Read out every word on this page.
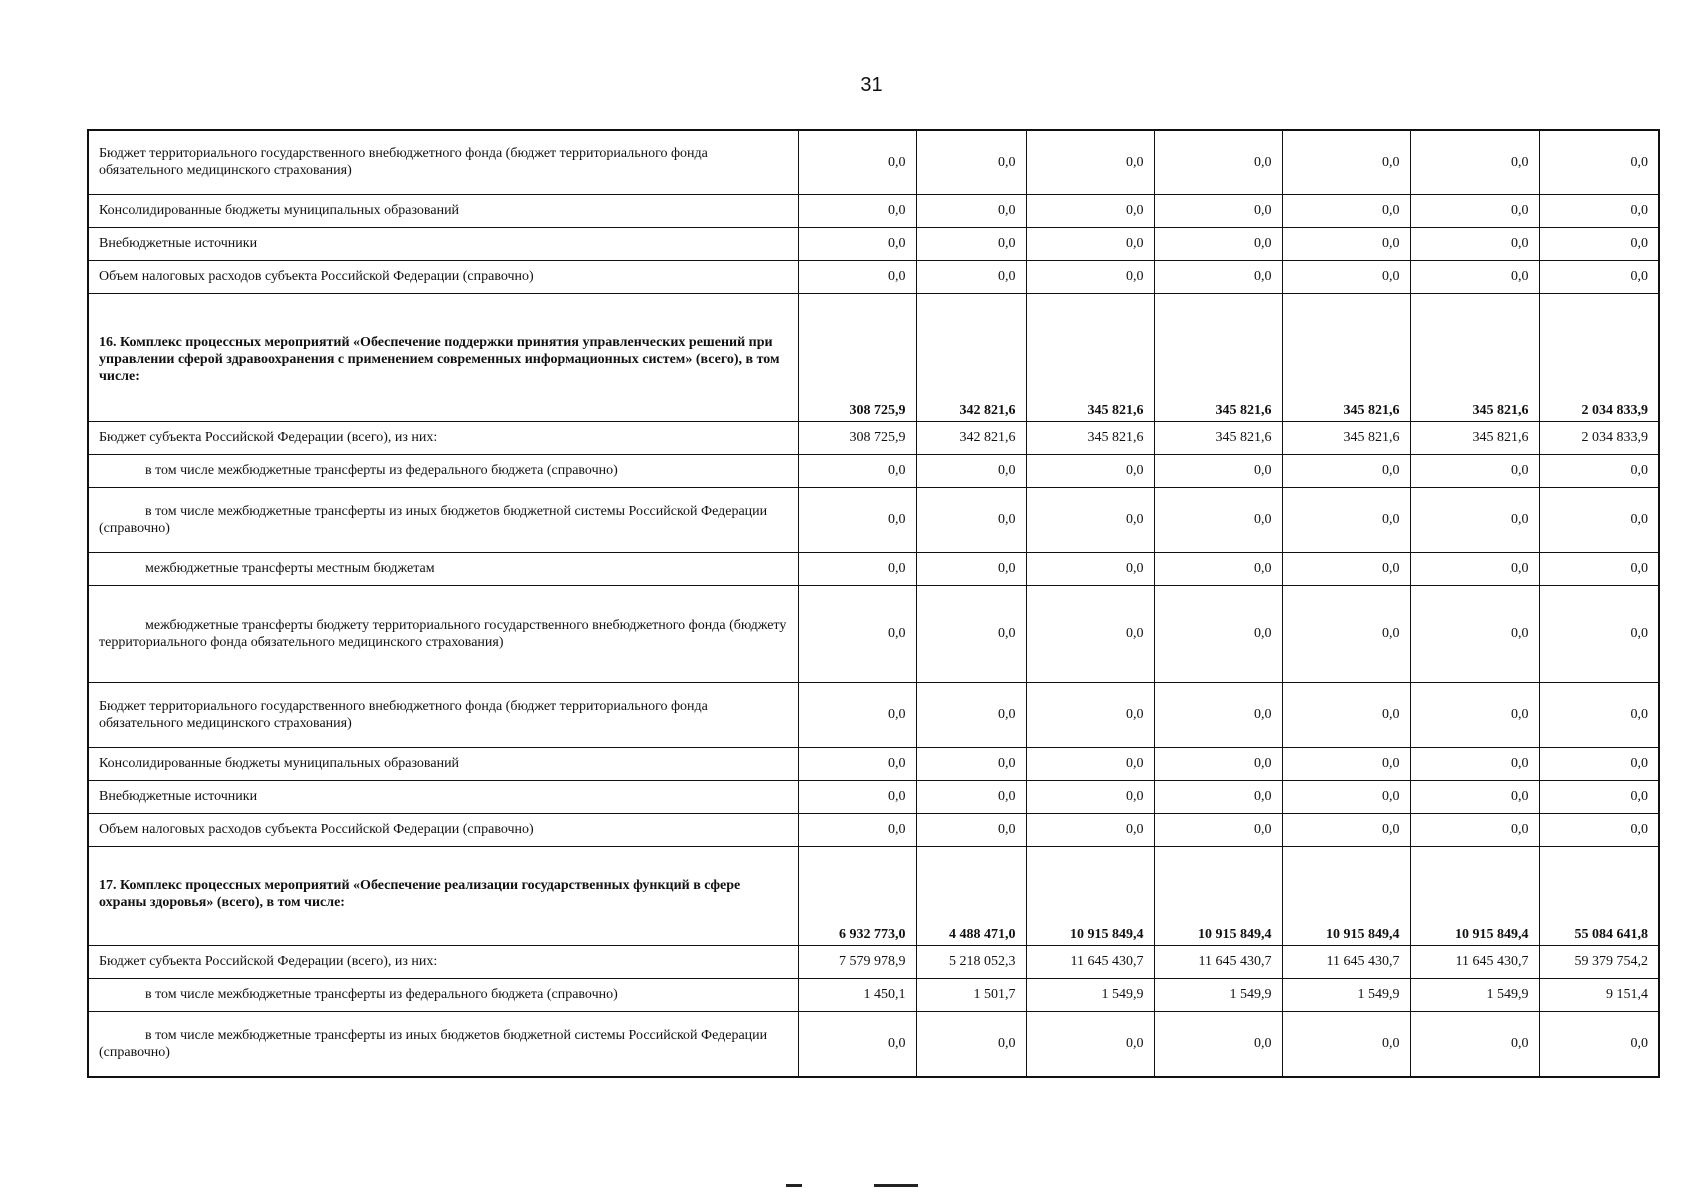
31
Бюджет территориального государственного внебюджетного фонда (бюджет территориального фонда обязательного медицинского страхования)	0,0	0,0	0,0	0,0	0,0	0,0	0,0
Консолидированные бюджеты муниципальных образований	0,0	0,0	0,0	0,0	0,0	0,0	0,0
Внебюджетные источники	0,0	0,0	0,0	0,0	0,0	0,0	0,0
Объем налоговых расходов субъекта Российской Федерации (справочно)	0,0	0,0	0,0	0,0	0,0	0,0	0,0
16. Комплекс процессных мероприятий «Обеспечение поддержки принятия управленческих решений при управлении сферой здравоохранения с применением современных информационных систем» (всего), в том числе:	308 725,9	342 821,6	345 821,6	345 821,6	345 821,6	345 821,6	2 034 833,9
Бюджет субъекта Российской Федерации (всего), из них:	308 725,9	342 821,6	345 821,6	345 821,6	345 821,6	345 821,6	2 034 833,9
в том числе межбюджетные трансферты из федерального бюджета (справочно)	0,0	0,0	0,0	0,0	0,0	0,0	0,0
в том числе межбюджетные трансферты из иных бюджетов бюджетной системы Российской Федерации (справочно)	0,0	0,0	0,0	0,0	0,0	0,0	0,0
межбюджетные трансферты местным бюджетам	0,0	0,0	0,0	0,0	0,0	0,0	0,0
межбюджетные трансферты бюджету территориального государственного внебюджетного фонда (бюджету территориального фонда обязательного медицинского страхования)	0,0	0,0	0,0	0,0	0,0	0,0	0,0
Бюджет территориального государственного внебюджетного фонда (бюджет территориального фонда обязательного медицинского страхования)	0,0	0,0	0,0	0,0	0,0	0,0	0,0
Консолидированные бюджеты муниципальных образований	0,0	0,0	0,0	0,0	0,0	0,0	0,0
Внебюджетные источники	0,0	0,0	0,0	0,0	0,0	0,0	0,0
Объем налоговых расходов субъекта Российской Федерации (справочно)	0,0	0,0	0,0	0,0	0,0	0,0	0,0
17. Комплекс процессных мероприятий «Обеспечение реализации государственных функций в сфере охраны здоровья» (всего), в том числе:	6 932 773,0	4 488 471,0	10 915 849,4	10 915 849,4	10 915 849,4	10 915 849,4	55 084 641,8
Бюджет субъекта Российской Федерации (всего), из них:	7 579 978,9	5 218 052,3	11 645 430,7	11 645 430,7	11 645 430,7	11 645 430,7	59 379 754,2
в том числе межбюджетные трансферты из федерального бюджета (справочно)	1 450,1	1 501,7	1 549,9	1 549,9	1 549,9	1 549,9	9 151,4
в том числе межбюджетные трансферты из иных бюджетов бюджетной системы Российской Федерации (справочно)	0,0	0,0	0,0	0,0	0,0	0,0	0,0
